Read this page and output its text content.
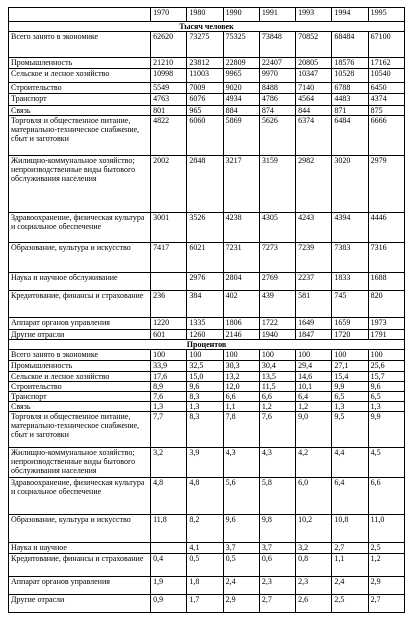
	1970	1980	1990	1991	1993	1994	1995
Тысяч человек							
Всего занято в экономике	62620	73275	75325	73848	70852	68484	67100
Промышленность	21210	23812	22809	22407	20805	18576	17162
Сельское и лесное хозяйство	10998	11003	9965	9970	10347	10528	10540
Строительство	5549	7009	9020	8488	7140	6788	6450
Транспорт	4763	6076	4934	4786	4564	4483	4374
Связь	801	965	884	874	844	871	875
Торговля и общественное питание, материально-техническое снабжение, сбыт и заготовки	4822	6060	5869	5626	6374	6484	6666
Жилищно-коммунальное хозяйство; непроизводственные виды бытового обслуживания населения	2002	2848	3217	3159	2982	3020	2979
Здравоохранение, физическая культура и социальное обеспечение	3001	3526	4238	4305	4243	4394	4446
Образование, культура и искусство	7417	6021	7231	7273	7239	7383	7316
Наука и научное обслуживание		2976	2804	2769	2237	1833	1688
Кредитование, финансы и страхование	236	384	402	439	581	745	820
Аппарат органов управления	1220	1335	1806	1722	1649	1659	1973
Другие отрасли	601	1260	2146	1940	1847	1720	1791
Процентов							
Всего занято в экономике	100	100	100	100	100	100	100
Промышленность	33,9	32,5	30,3	30,4	29,4	27,1	25,6
Сельское и лесное хозяйство	17,6	15,0	13,2	13,5	14,6	15,4	15,7
Строительство	8,9	9,6	12,0	11,5	10,1	9,9	9,6
Транспорт	7,6	8,3	6,6	6,6	6,4	6,5	6,5
Связь	1,3	1,3	1,1	1,2	1,2	1,3	1,3
Торговля и общественное питание, материально-техническое снабжение, сбыт и заготовки	7,7	8,3	7,8	7,6	9,0	9,5	9,9
Жилищно-коммунальное хозяйство; непроизводственные виды бытового обслуживания населения	3,2	3,9	4,3	4,3	4,2	4,4	4,5
Здравоохранение, физическая культура и социальное обеспечение	4,8	4,8	5,6	5,8	6,0	6,4	6,6
Образование, культура и искусство	11,8	8,2	9,6	9,8	10,2	10,8	11,0
Наука и научное		4,1	3,7	3,7	3,2	2,7	2,5
Кредитование, финансы и страхование	0,4	0,5	0,5	0,6	0,8	1,1	1,2
Аппарат органов управления	1,9	1,8	2,4	2,3	2,3	2,4	2,9
Другие отрасли	0,9	1,7	2,9	2,7	2,6	2,5	2,7
